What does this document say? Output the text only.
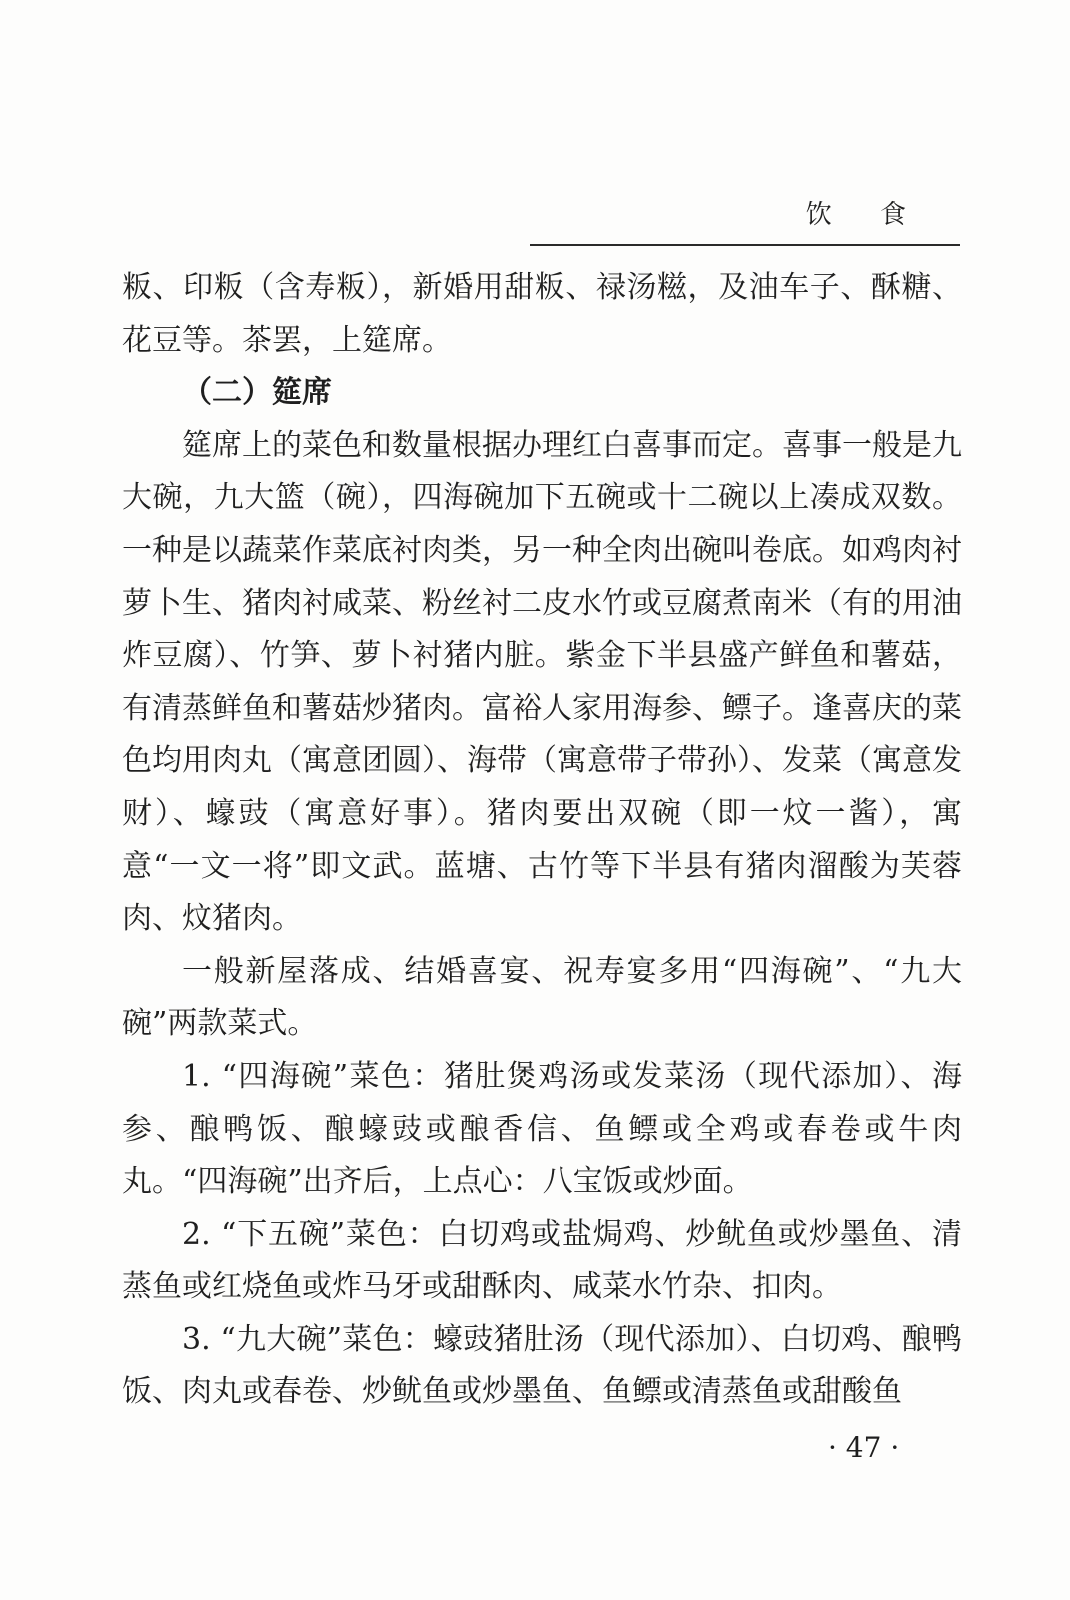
饮 食

粄、印粄（含寿粄），新婚用甜粄、禄汤糍，及油车子、酥糖、花豆等。茶罢，上筵席。

（二）筵席

筵席上的菜色和数量根据办理红白喜事而定。喜事一般是九大碗，九大篮（碗），四海碗加下五碗或十二碗以上凑成双数。一种是以蔬菜作菜底衬肉类，另一种全肉出碗叫卷底。如鸡肉衬萝卜生、猪肉衬咸菜、粉丝衬二皮水竹或豆腐煮南米（有的用油炸豆腐）、竹笋、萝卜衬猪内脏。紫金下半县盛产鲜鱼和薯菇，有清蒸鲜鱼和薯菇炒猪肉。富裕人家用海参、鳔子。逢喜庆的菜色均用肉丸（寓意团圆）、海带（寓意带子带孙）、发菜（寓意发财）、蠔豉（寓意好事）。猪肉要出双碗（即一炆一酱），寓意“一文一将”即文武。蓝塘、古竹等下半县有猪肉溜酸为芙蓉肉、炆猪肉。

一般新屋落成、结婚喜宴、祝寿宴多用“四海碗”、“九大碗”两款菜式。

1. “四海碗”菜色：猪肚煲鸡汤或发菜汤（现代添加）、海参、酿鸭饭、酿蠔豉或酿香信、鱼鳔或全鸡或春卷或牛肉丸。“四海碗”出齐后，上点心：八宝饭或炒面。

2. “下五碗”菜色：白切鸡或盐焗鸡、炒鱿鱼或炒墨鱼、清蒸鱼或红烧鱼或炸马牙或甜酥肉、咸菜水竹杂、扣肉。

3. “九大碗”菜色：蠔豉猪肚汤（现代添加）、白切鸡、酿鸭饭、肉丸或春卷、炒鱿鱼或炒墨鱼、鱼鳔或清蒸鱼或甜酸鱼

· 47 ·
